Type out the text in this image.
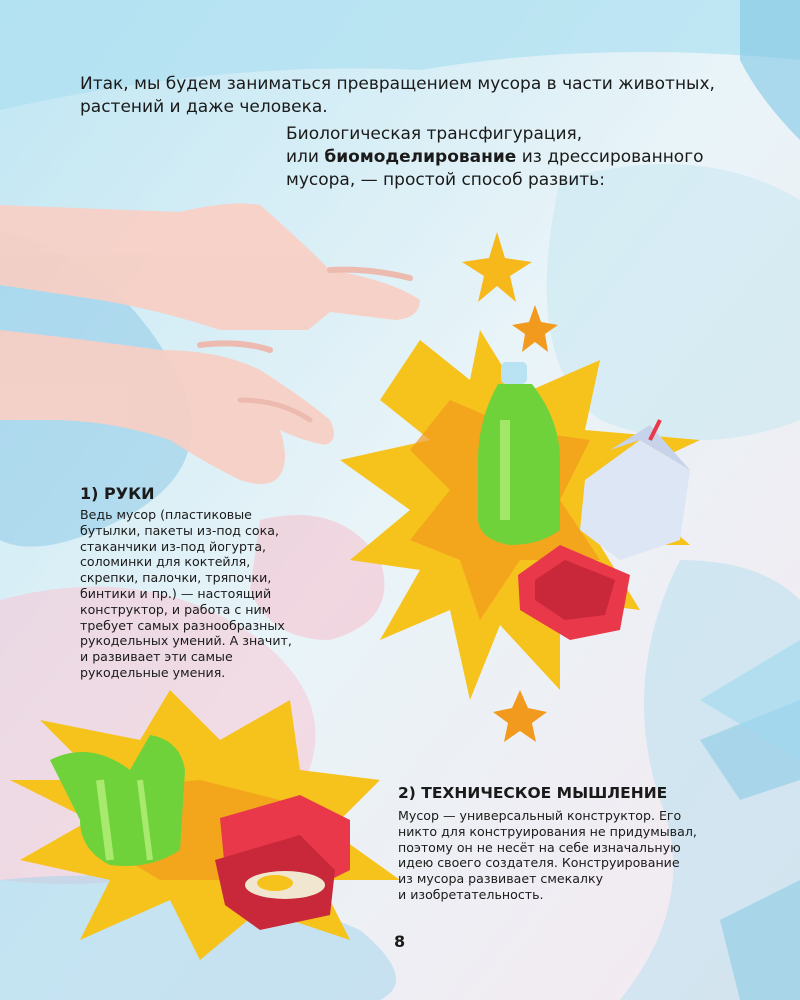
Итак, мы будем заниматься превращением мусора в части животных,
растений и даже человека.

Биологическая трансфигурация,
или биомоделирование из дрессированного
мусора, — простой способ развить:

1) РУКИ

Ведь мусор (пластиковые
бутылки, пакеты из-под сока,
стаканчики из-под йогурта,
соломинки для коктейля,
скрепки, палочки, тряпочки,
бинтики и пр.) — настоящий
конструктор, и работа с ним
требует самых разнообразных
рукодельных умений. А значит,
и развивает эти самые
рукодельные умения.

2) ТЕХНИЧЕСКОЕ МЫШЛЕНИЕ

Мусор — универсальный конструктор. Его
никто для конструирования не придумывал,
поэтому он не несёт на себе изначальную
идею своего создателя. Конструирование
из мусора развивает смекалку
и изобретательность.

8
